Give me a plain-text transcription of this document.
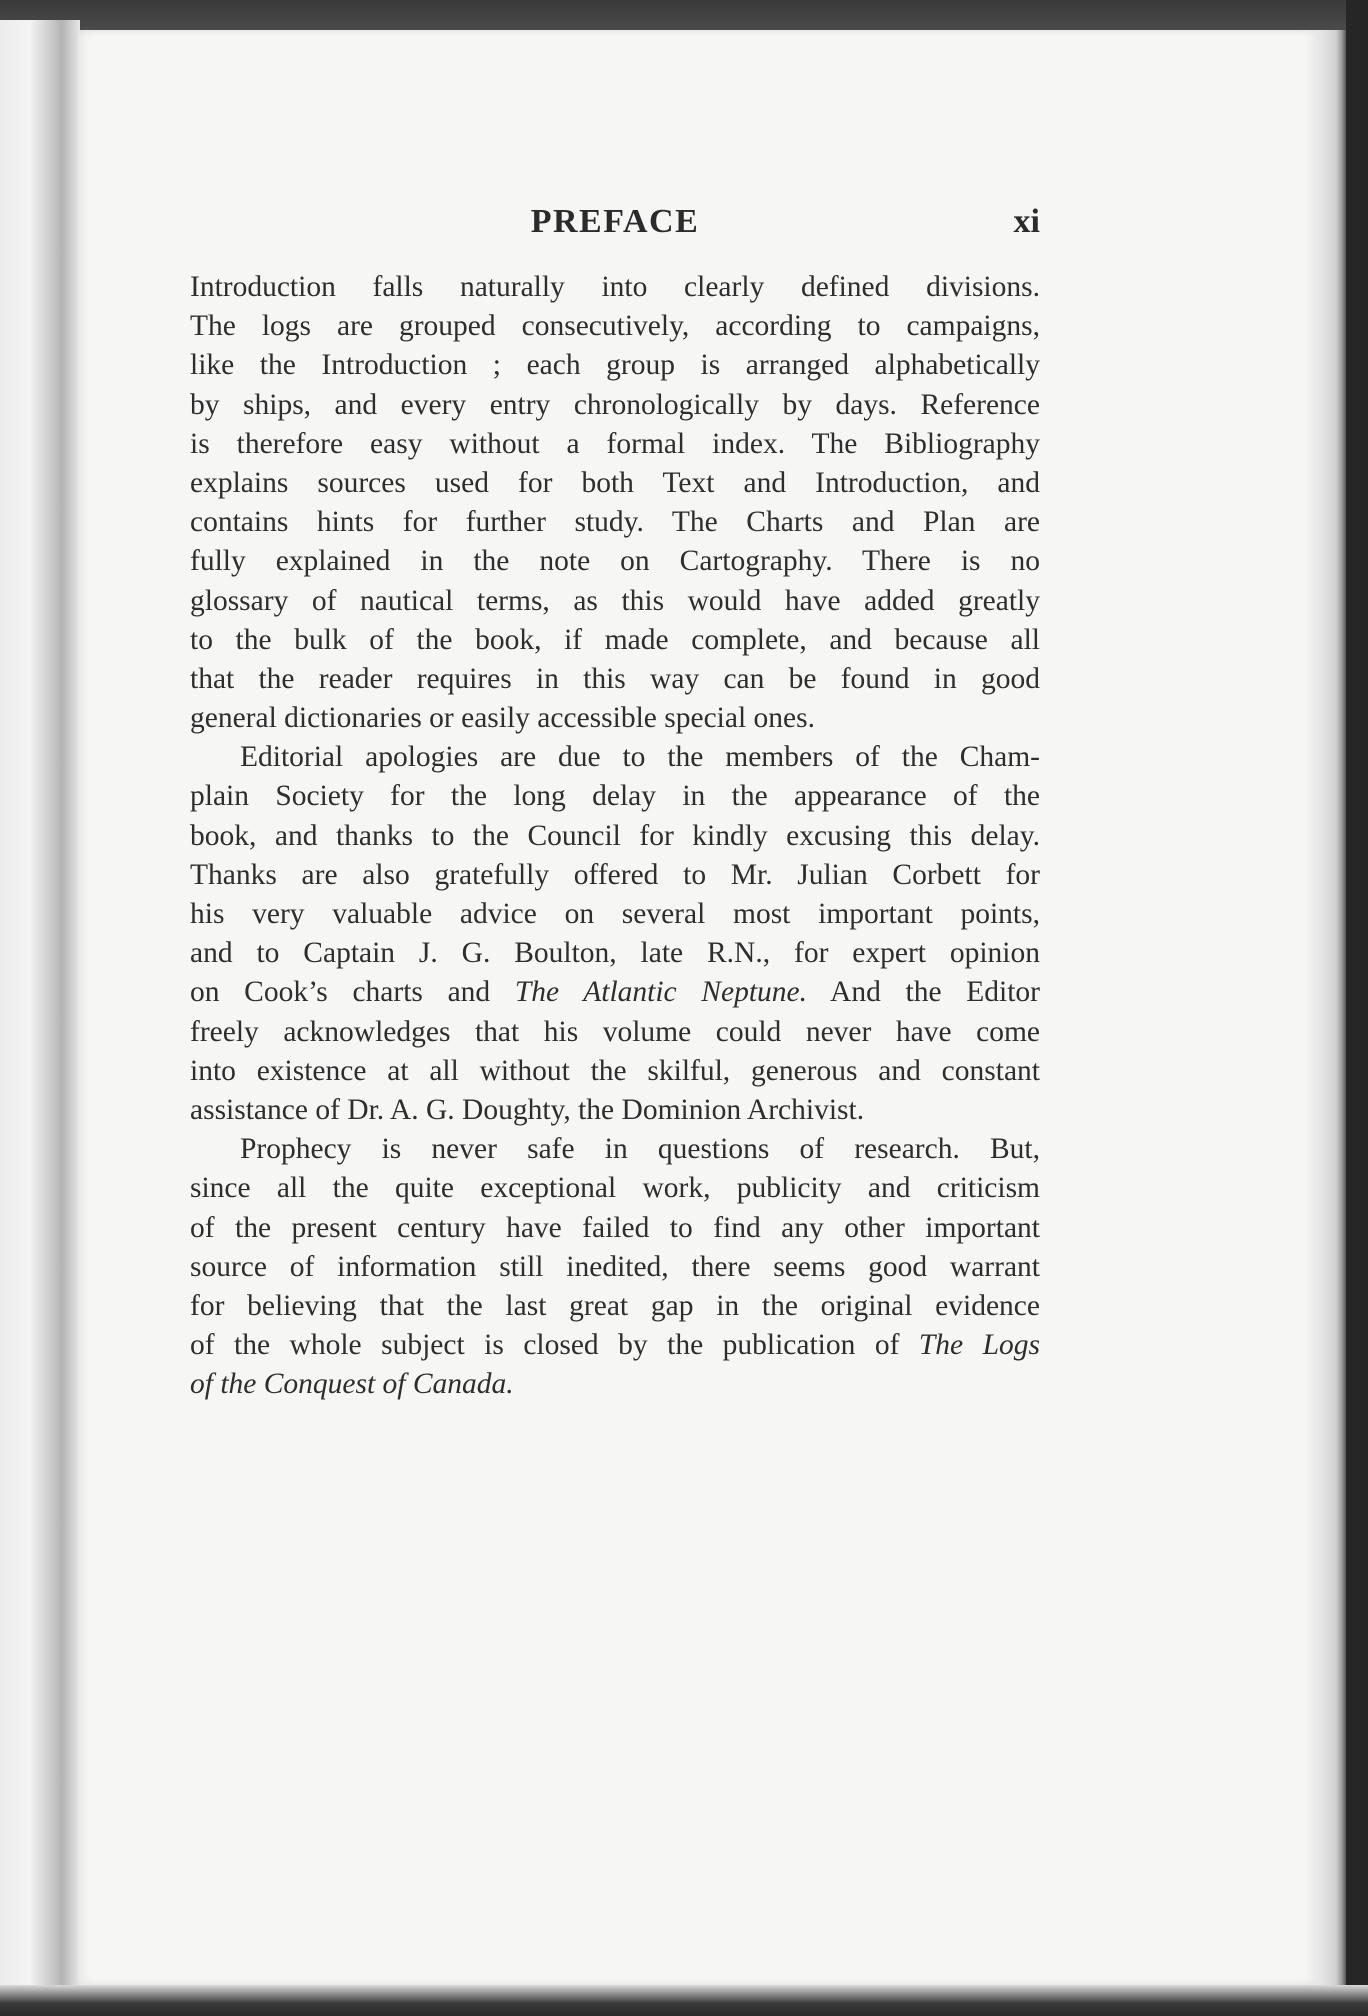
PREFACE	xi
Introduction falls naturally into clearly defined divisions.
The logs are grouped consecutively, according to campaigns,
like the Introduction ; each group is arranged alphabetically
by ships, and every entry chronologically by days. Reference
is therefore easy without a formal index. The Bibliography
explains sources used for both Text and Introduction, and
contains hints for further study. The Charts and Plan are
fully explained in the note on Cartography. There is no
glossary of nautical terms, as this would have added greatly
to the bulk of the book, if made complete, and because all
that the reader requires in this way can be found in good
general dictionaries or easily accessible special ones.
Editorial apologies are due to the members of the Cham-
plain Society for the long delay in the appearance of the
book, and thanks to the Council for kindly excusing this delay.
Thanks are also gratefully offered to Mr. Julian Corbett for
his very valuable advice on several most important points,
and to Captain J. G. Boulton, late R.N., for expert opinion
on Cook’s charts and The Atlantic Neptune. And the Editor
freely acknowledges that his volume could never have come
into existence at all without the skilful, generous and constant
assistance of Dr. A. G. Doughty, the Dominion Archivist.
Prophecy is never safe in questions of research. But,
since all the quite exceptional work, publicity and criticism
of the present century have failed to find any other important
source of information still inedited, there seems good warrant
for believing that the last great gap in the original evidence
of the whole subject is closed by the publication of The Logs
of the Conquest of Canada.
